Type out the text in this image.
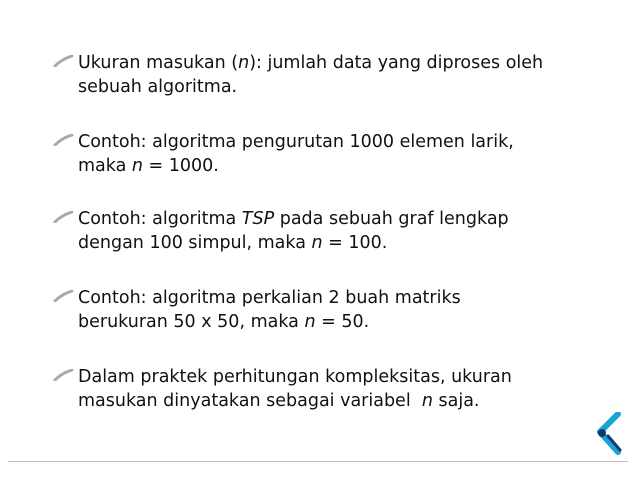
Ukuran masukan (n): jumlah data yang diproses oleh
sebuah algoritma.
Contoh: algoritma pengurutan 1000 elemen larik,
maka n = 1000.
Contoh: algoritma TSP pada sebuah graf lengkap
dengan 100 simpul, maka n = 100.
Contoh: algoritma perkalian 2 buah matriks
berukuran 50 x 50, maka n = 50.
Dalam praktek perhitungan kompleksitas, ukuran
masukan dinyatakan sebagai variabel  n saja.
